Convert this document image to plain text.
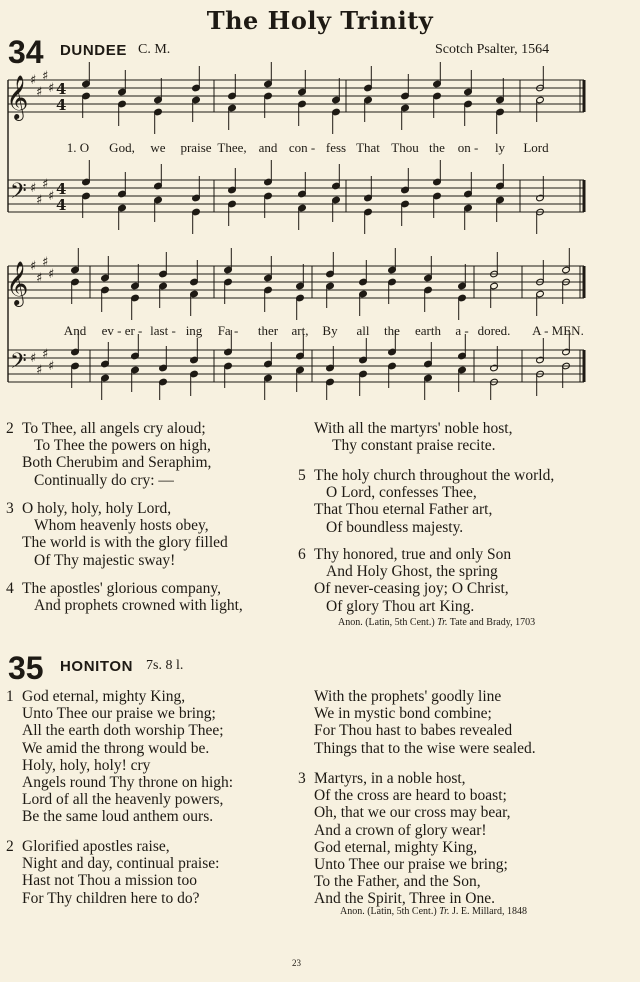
The Holy Trinity
34 DUNDEE C. M.	Scotch Psalter, 1564
𝄞
𝄢
♯
♯
♯
♯
♯
♯
♯
♯
4
4
4
4
𝄞
𝄢
♯
♯
♯
♯
♯
♯
♯
♯
1. O God, we praise Thee, and con - fess That Thou the on - ly Lord
And ev - er - last - ing Fa - ther art, By all the earth a - dored. A - MEN.
2 To Thee, all angels cry aloud;
To Thee the powers on high,
Both Cherubim and Seraphim,
Continually do cry: —
3 O holy, holy, holy Lord,
Whom heavenly hosts obey,
The world is with the glory filled
Of Thy majestic sway!
4 The apostles' glorious company,
And prophets crowned with light,
With all the martyrs' noble host,
Thy constant praise recite.
5 The holy church throughout the world,
O Lord, confesses Thee,
That Thou eternal Father art,
Of boundless majesty.
6 Thy honored, true and only Son
And Holy Ghost, the spring
Of never-ceasing joy; O Christ,
Of glory Thou art King.
Anon. (Latin, 5th Cent.) Tr. Tate and Brady, 1703
35 HONITON 7s. 8 l.
1 God eternal, mighty King,
Unto Thee our praise we bring;
All the earth doth worship Thee;
We amid the throng would be.
Holy, holy, holy! cry
Angels round Thy throne on high:
Lord of all the heavenly powers,
Be the same loud anthem ours.
2 Glorified apostles raise,
Night and day, continual praise:
Hast not Thou a mission too
For Thy children here to do?
With the prophets' goodly line
We in mystic bond combine;
For Thou hast to babes revealed
Things that to the wise were sealed.
3 Martyrs, in a noble host,
Of the cross are heard to boast;
Oh, that we our cross may bear,
And a crown of glory wear!
God eternal, mighty King,
Unto Thee our praise we bring;
To the Father, and the Son,
And the Spirit, Three in One.
Anon. (Latin, 5th Cent.) Tr. J. E. Millard, 1848
23
